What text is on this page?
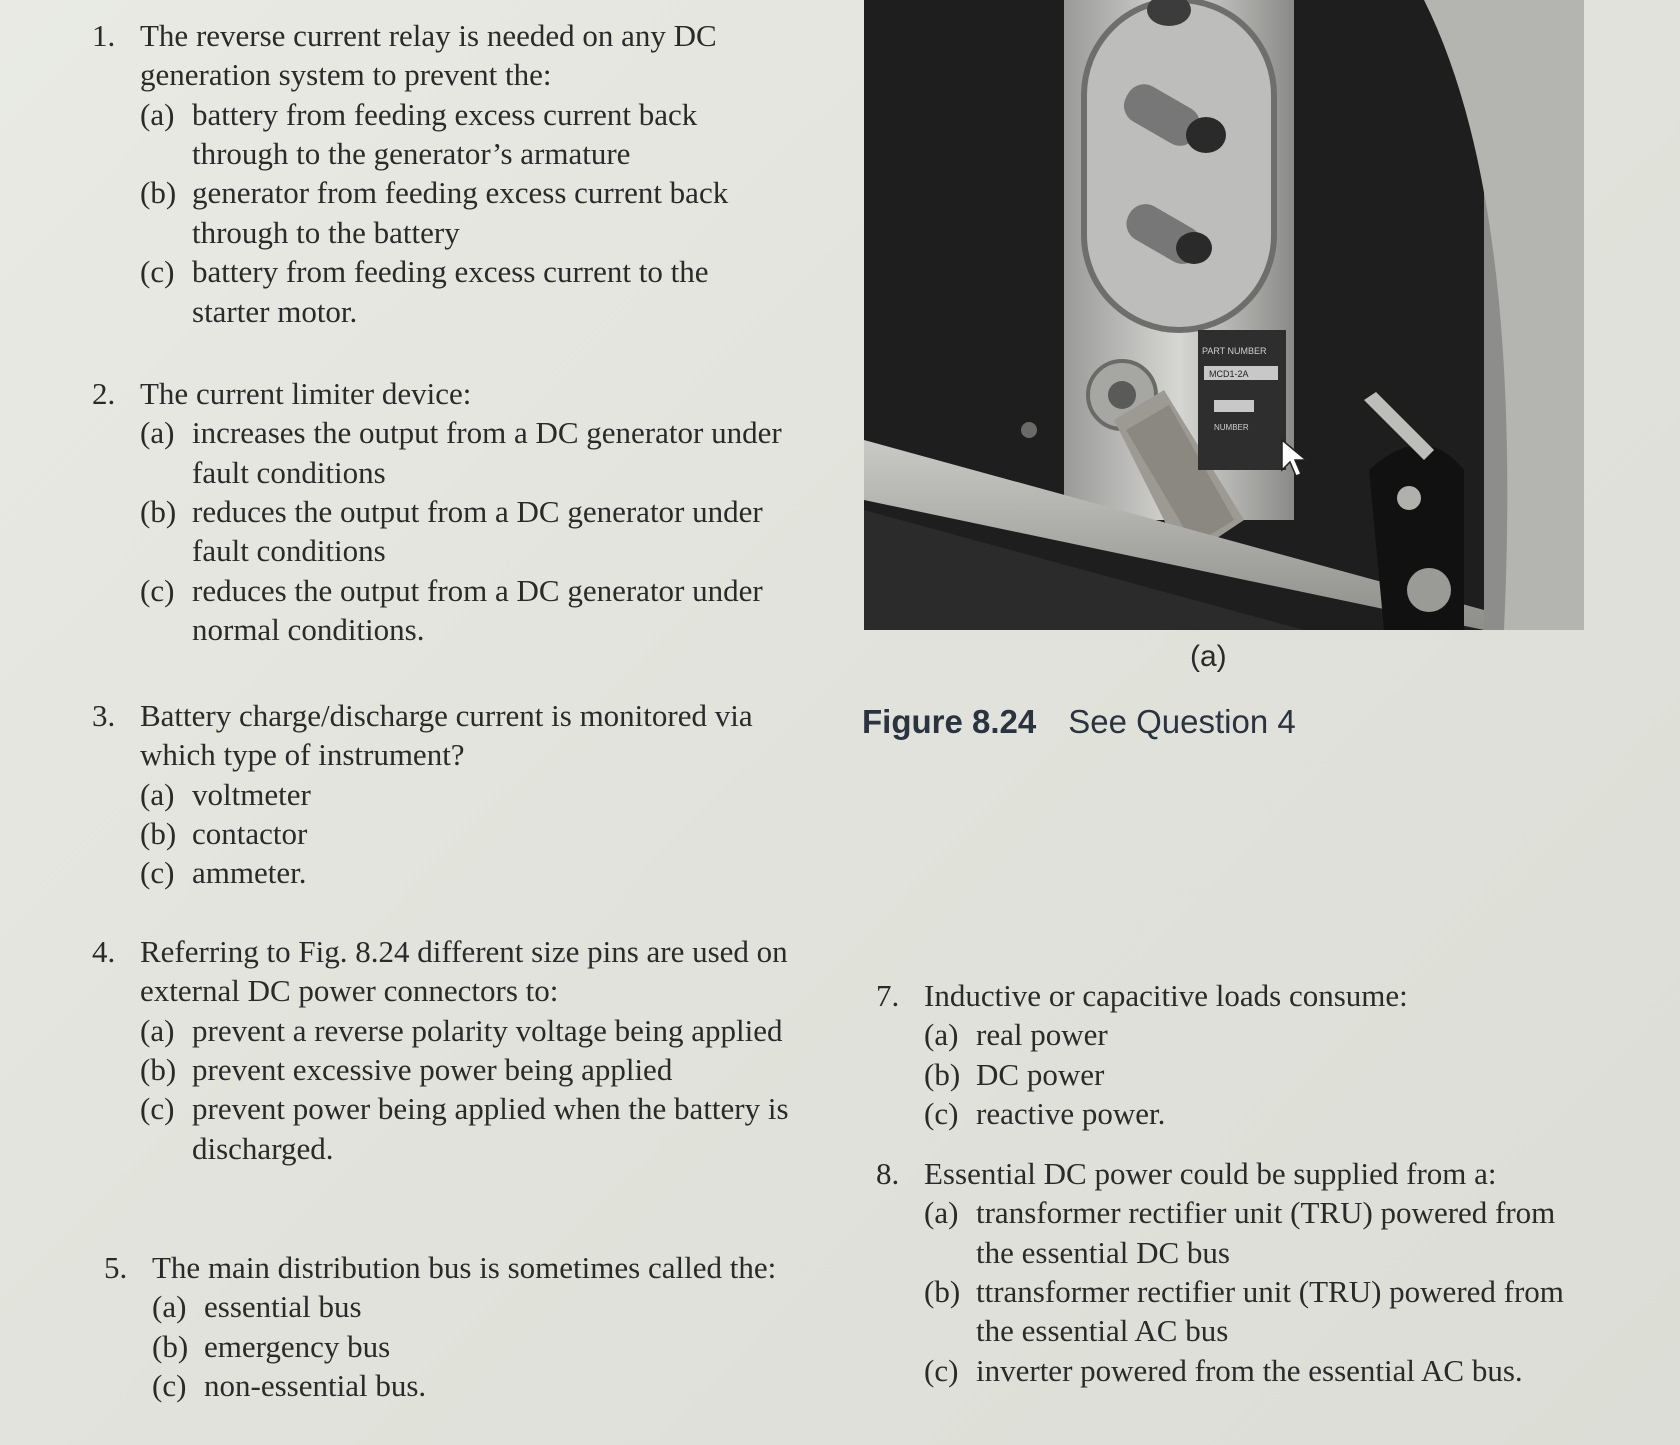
1. The reverse current relay is needed on any DC generation system to prevent the:
(a) battery from feeding excess current back through to the generator’s armature
(b) generator from feeding excess current back through to the battery
(c) battery from feeding excess current to the starter motor.
2. The current limiter device:
(a) increases the output from a DC generator under fault conditions
(b) reduces the output from a DC generator under fault conditions
(c) reduces the output from a DC generator under normal conditions.
3. Battery charge/discharge current is monitored via which type of instrument?
(a) voltmeter
(b) contactor
(c) ammeter.
4. Referring to Fig. 8.24 different size pins are used on external DC power connectors to:
(a) prevent a reverse polarity voltage being applied
(b) prevent excessive power being applied
(c) prevent power being applied when the battery is discharged.
5. The main distribution bus is sometimes called the:
(a) essential bus
(b) emergency bus
(c) non-essential bus.
PART NUMBER
MCD1-2A
NUMBER
(a)
Figure 8.24 See Question 4
7. Inductive or capacitive loads consume:
(a) real power
(b) DC power
(c) reactive power.
8. Essential DC power could be supplied from a:
(a) transformer rectifier unit (TRU) powered from the essential DC bus
(b) ttransformer rectifier unit (TRU) powered from the essential AC bus
(c) inverter powered from the essential AC bus.
